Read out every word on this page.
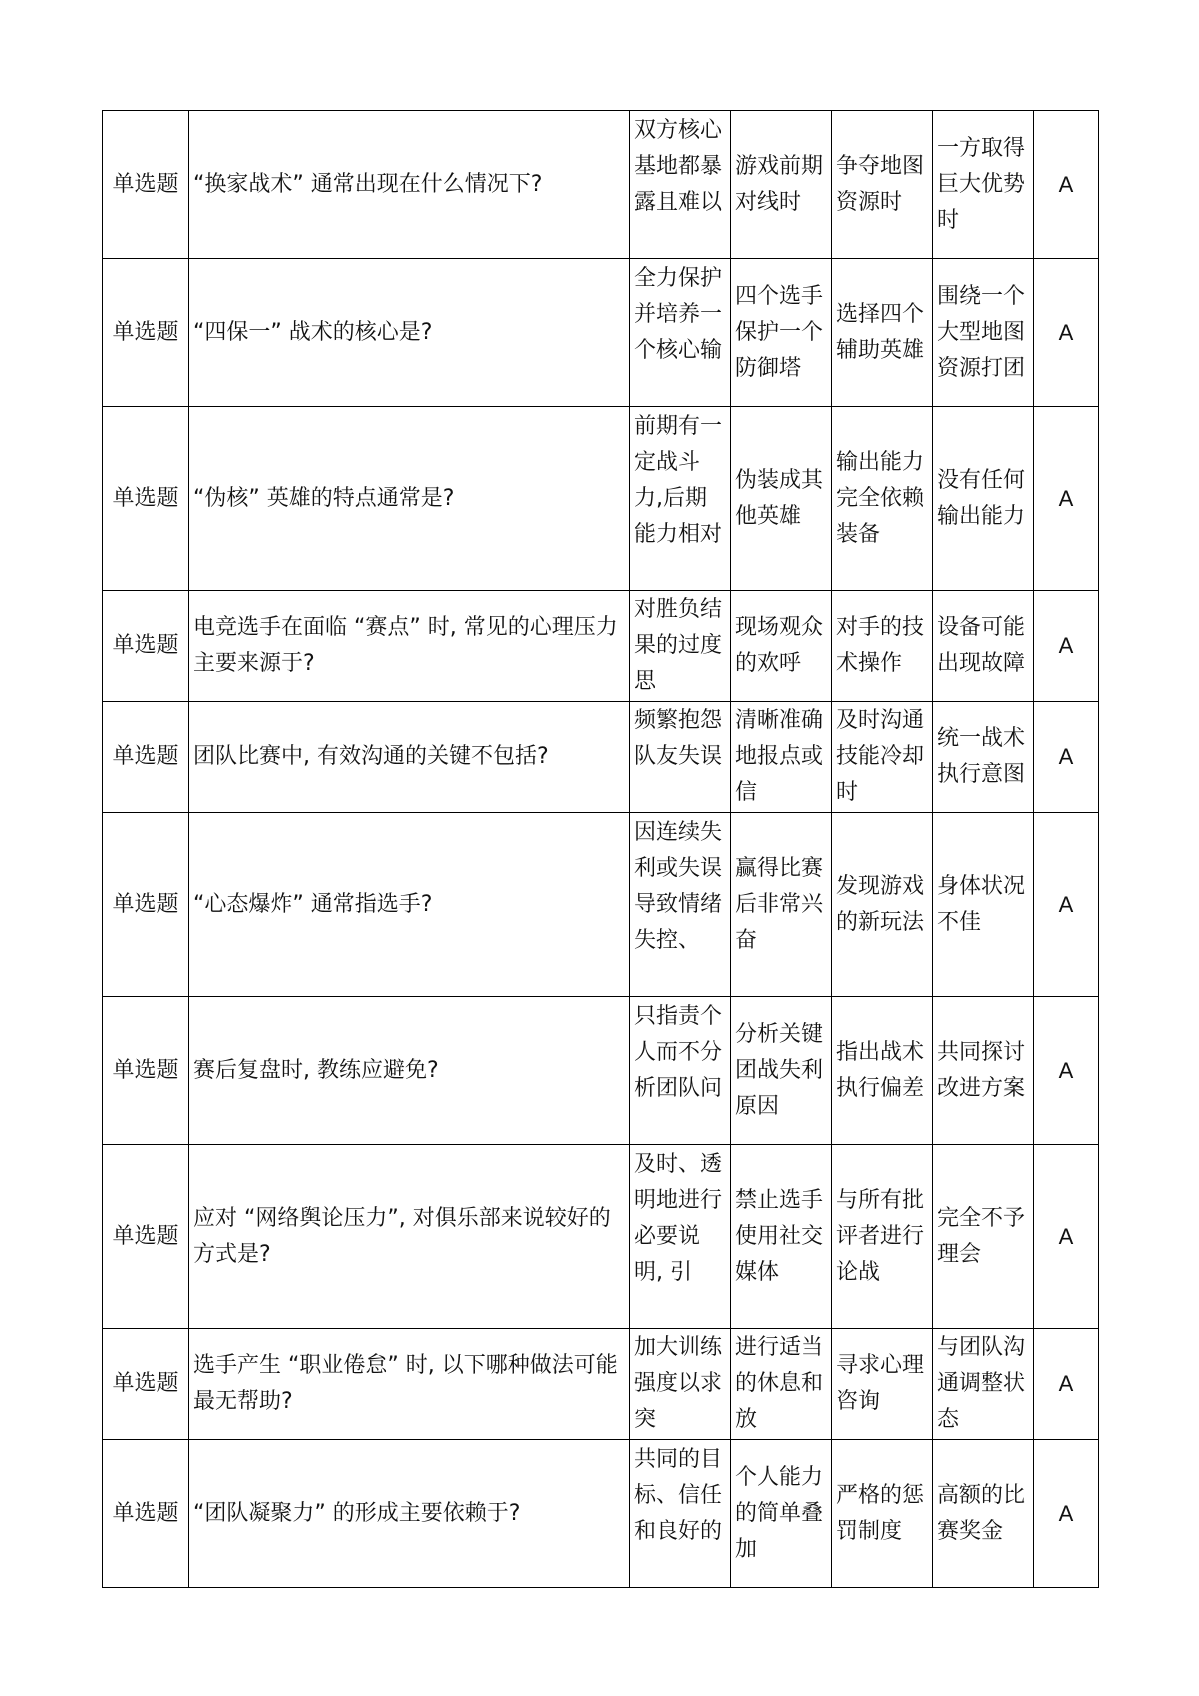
单选题	“换家战术” 通常出现在什么情况下?	双方核心基地都暴露且难以	游戏前期对线时	争夺地图资源时	一方取得巨大优势时	A
单选题	“四保一” 战术的核心是?	全力保护并培养一个核心输	四个选手保护一个防御塔	选择四个辅助英雄	围绕一个大型地图资源打团	A
单选题	“伪核” 英雄的特点通常是?	前期有一定战斗力,后期能力相对	伪装成其他英雄	输出能力完全依赖装备	没有任何输出能力	A
单选题	电竞选手在面临 “赛点” 时, 常见的心理压力主要来源于?	对胜负结果的过度思	现场观众的欢呼	对手的技术操作	设备可能出现故障	A
单选题	团队比赛中, 有效沟通的关键不包括?	频繁抱怨队友失误	清晰准确地报点或信	及时沟通技能冷却时	统一战术执行意图	A
单选题	“心态爆炸” 通常指选手?	因连续失利或失误导致情绪失控、	赢得比赛后非常兴奋	发现游戏的新玩法	身体状况不佳	A
单选题	赛后复盘时, 教练应避免?	只指责个人而不分析团队问	分析关键团战失利原因	指出战术执行偏差	共同探讨改进方案	A
单选题	应对 “网络舆论压力”, 对俱乐部来说较好的方式是?	及时、透明地进行必要说明, 引	禁止选手使用社交媒体	与所有批评者进行论战	完全不予理会	A
单选题	选手产生 “职业倦怠” 时, 以下哪种做法可能最无帮助?	加大训练强度以求突	进行适当的休息和放	寻求心理咨询	与团队沟通调整状态	A
单选题	“团队凝聚力” 的形成主要依赖于?	共同的目标、信任和良好的	个人能力的简单叠加	严格的惩罚制度	高额的比赛奖金	A
